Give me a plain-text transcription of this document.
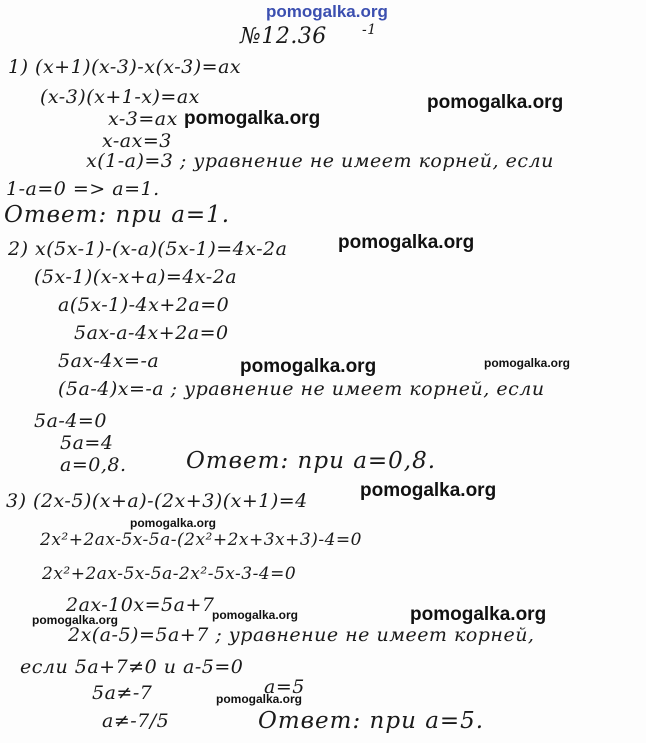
pomogalka.org
№12.36	-1
1) (x+1)(x-3)-x(x-3)=ax
(x-3)(x+1-x)=ax
x-3=ax
x-ax=3
x(1-a)=3 ; уравнение не имеет корней, если
1-a=0 => a=1.
Ответ: при a=1.
pomogalka.org
pomogalka.org
2) x(5x-1)-(x-a)(5x-1)=4x-2a	pomogalka.org
(5x-1)(x-x+a)=4x-2a
a(5x-1)-4x+2a=0
5ax-a-4x+2a=0
5ax-4x=-a	pomogalka.org	pomogalka.org
(5a-4)x=-a ; уравнение не имеет корней, если
5a-4=0
5a=4
a=0,8.	Ответ: при a=0,8.
pomogalka.org
3) (2x-5)(x+a)-(2x+3)(x+1)=4
pomogalka.org
2x²+2ax-5x-5a-(2x²+2x+3x+3)-4=0
2x²+2ax-5x-5a-2x²-5x-3-4=0
2ax-10x=5a+7
pomogalka.org	pomogalka.org	pomogalka.org
2x(a-5)=5a+7 ; уравнение не имеет корней,
если 5a+7≠0 и a-5=0
5a≠-7	a=5
pomogalka.org
a≠-7/5	Ответ: при a=5.
